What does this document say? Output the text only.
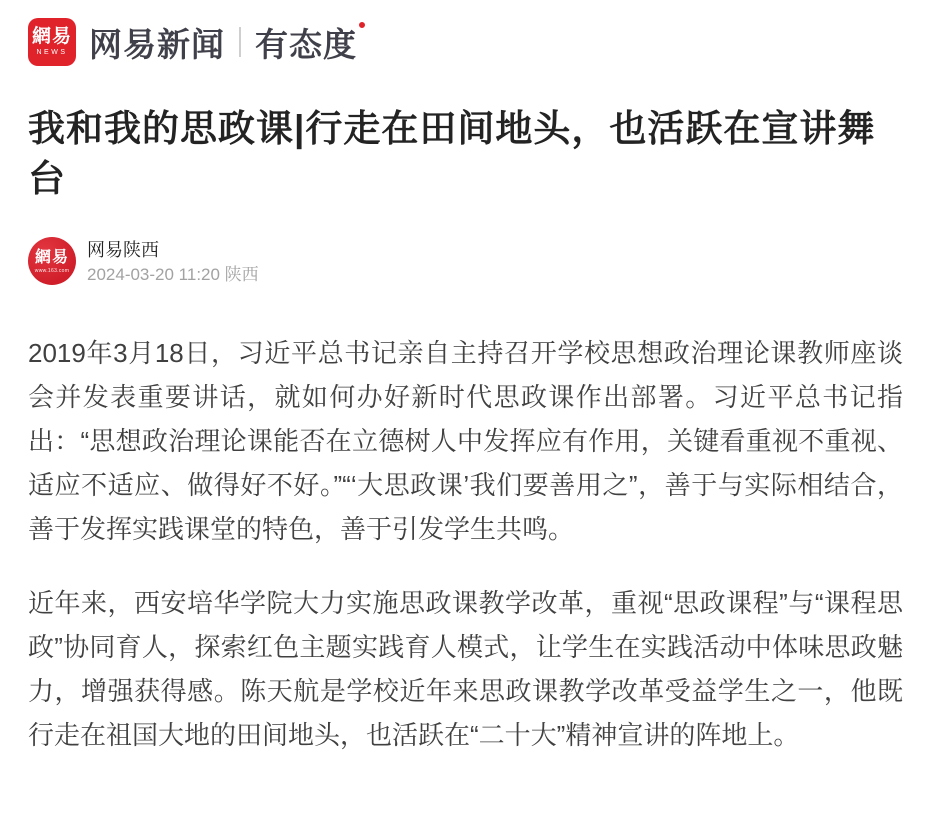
網易
NEWS 网易新闻 有态度
我和我的思政课|行走在田间地头，也活跃在宣讲舞台
網易
www.163.com
网易陕西
2024-03-20 11:20 陕西

2019年3月18日，习近平总书记亲自主持召开学校思想政治理论课教师座谈会并发表重要讲话，就如何办好新时代思政课作出部署。习近平总书记指出：“思想政治理论课能否在立德树人中发挥应有作用，关键看重视不重视、适应不适应、做得好不好。”“‘大思政课’我们要善用之”，善于与实际相结合，善于发挥实践课堂的特色，善于引发学生共鸣。

近年来，西安培华学院大力实施思政课教学改革，重视“思政课程”与“课程思政”协同育人，探索红色主题实践育人模式，让学生在实践活动中体味思政魅力，增强获得感。陈天航是学校近年来思政课教学改革受益学生之一，他既行走在祖国大地的田间地头，也活跃在“二十大”精神宣讲的阵地上。
